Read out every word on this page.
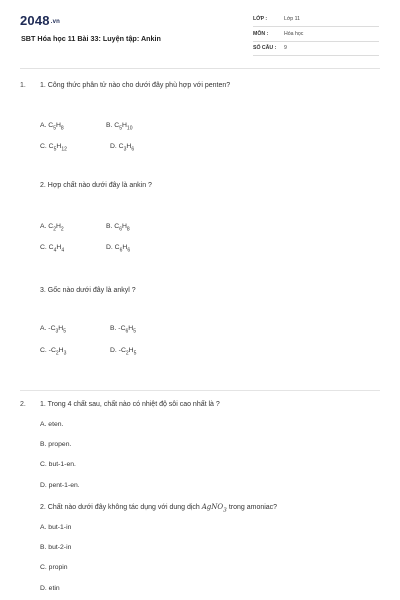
2048.vn
SBT Hóa học 11 Bài 33: Luyện tập: Ankin
LỚP :	Lớp 11
MÔN :	Hóa học
SỐ CÂU : 9
1. 1. Công thức phân tử nào cho dưới đây phù hợp với penten?
A. $C_5H_8$	B. $C_5H_{10}$
C. $C_5H_{12}$	D. $C_3H_6$
2. Hợp chất nào dưới đây là ankin ?
A. $C_2H_2$	B. $C_6H_8$
C. $C_4H_4$	D. $C_6H_6$
3. Gốc nào dưới đây là ankyl ?
A. $-C_3H_5$	B. $-C_6H_5$
C. $-C_2H_3$	D. $-C_2H_5$
2. 1. Trong 4 chất sau, chất nào có nhiệt độ sôi cao nhất là ?
A. eten.
B. propen.
C. but-1-en.
D. pent-1-en.
2. Chất nào dưới đây không tác dụng với dung dịch AgNO$_3$ trong amoniac?
A. but-1-in
B. but-2-in
C. propin
D. etin
